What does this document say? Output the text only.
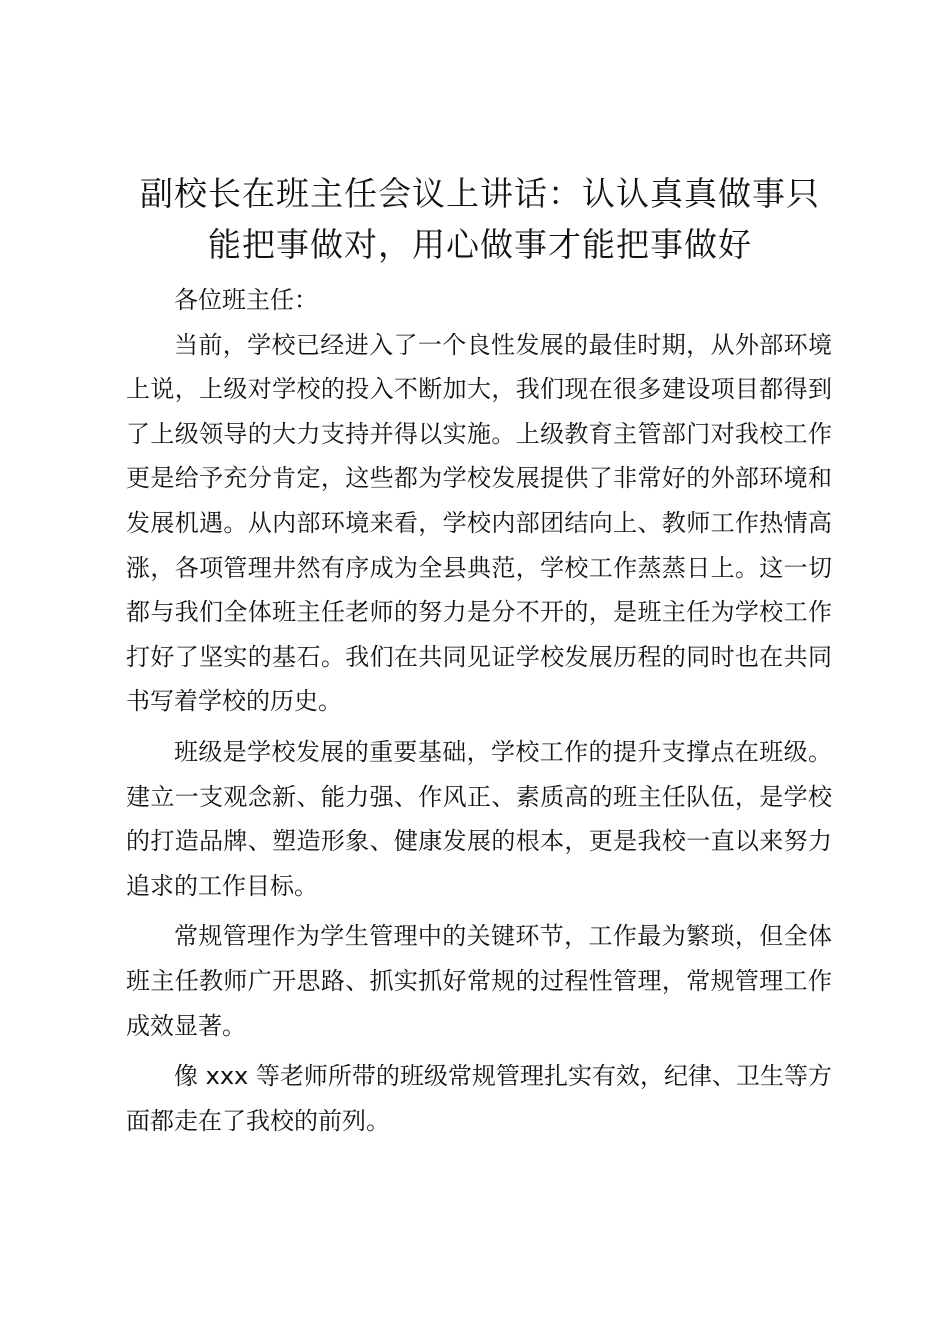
副校长在班主任会议上讲话：认认真真做事只
能把事做对，用心做事才能把事做好

各位班主任：

当前，学校已经进入了一个良性发展的最佳时期，从外部环境上说，上级对学校的投入不断加大，我们现在很多建设项目都得到了上级领导的大力支持并得以实施。上级教育主管部门对我校工作更是给予充分肯定，这些都为学校发展提供了非常好的外部环境和发展机遇。从内部环境来看，学校内部团结向上、教师工作热情高涨，各项管理井然有序成为全县典范，学校工作蒸蒸日上。这一切都与我们全体班主任老师的努力是分不开的，是班主任为学校工作打好了坚实的基石。我们在共同见证学校发展历程的同时也在共同书写着学校的历史。

班级是学校发展的重要基础，学校工作的提升支撑点在班级。建立一支观念新、能力强、作风正、素质高的班主任队伍，是学校的打造品牌、塑造形象、健康发展的根本，更是我校一直以来努力追求的工作目标。

常规管理作为学生管理中的关键环节，工作最为繁琐，但全体班主任教师广开思路、抓实抓好常规的过程性管理，常规管理工作成效显著。

像 xxx 等老师所带的班级常规管理扎实有效，纪律、卫生等方面都走在了我校的前列。
